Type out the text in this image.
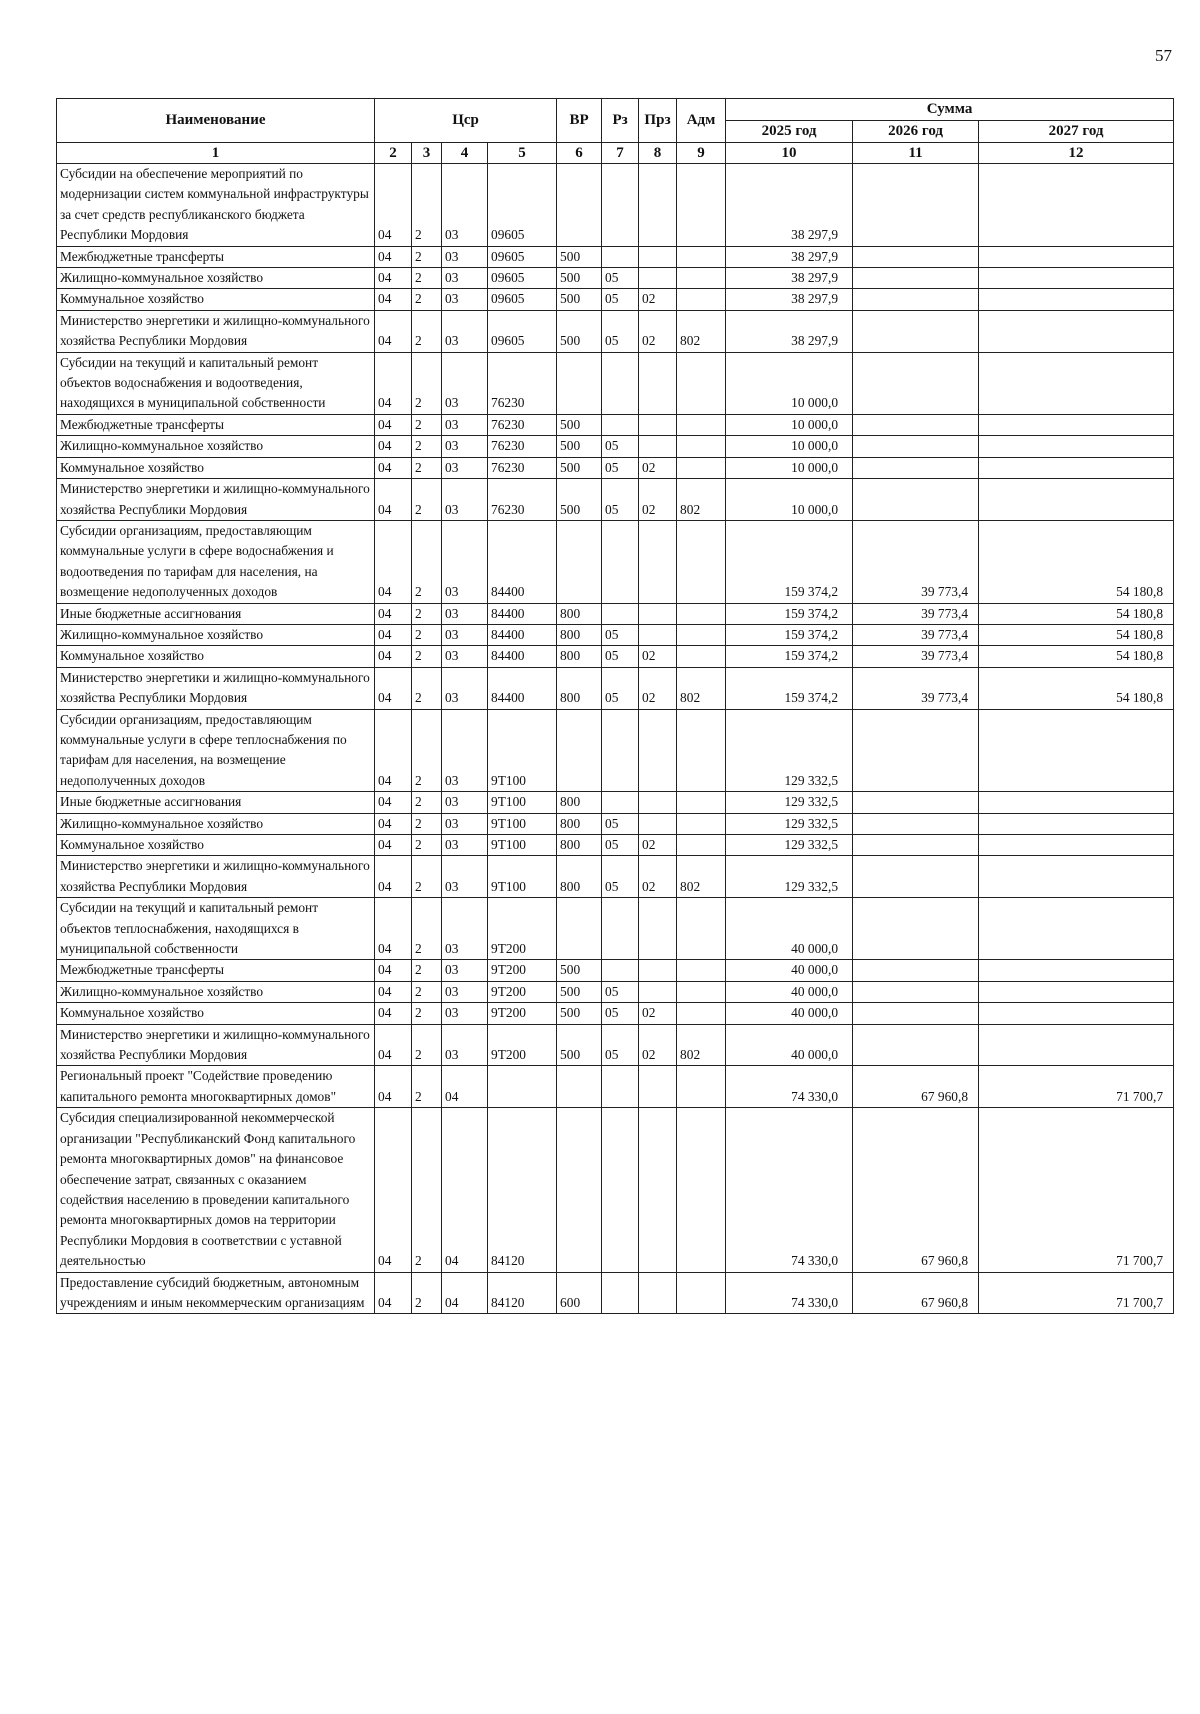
57
Наименование	Цср				ВР	Рз	Прз	Адм	Сумма		
									2025 год	2026 год	2027 год
1	2	3	4	5	6	7	8	9	10	11	12
Субсидии на обеспечение мероприятий по модернизации систем коммунальной инфраструктуры за счет средств республиканского бюджета Республики Мордовия	04	2	03	09605					38 297,9		
Межбюджетные трансферты	04	2	03	09605	500				38 297,9		
Жилищно-коммунальное хозяйство	04	2	03	09605	500	05			38 297,9		
Коммунальное хозяйство	04	2	03	09605	500	05	02		38 297,9		
Министерство энергетики и жилищно-коммунального хозяйства Республики Мордовия	04	2	03	09605	500	05	02	802	38 297,9		
Субсидии на текущий и капитальный ремонт объектов водоснабжения и водоотведения, находящихся в муниципальной собственности	04	2	03	76230					10 000,0		
Межбюджетные трансферты	04	2	03	76230	500				10 000,0		
Жилищно-коммунальное хозяйство	04	2	03	76230	500	05			10 000,0		
Коммунальное хозяйство	04	2	03	76230	500	05	02		10 000,0		
Министерство энергетики и жилищно-коммунального хозяйства Республики Мордовия	04	2	03	76230	500	05	02	802	10 000,0		
Субсидии организациям, предоставляющим коммунальные услуги в сфере водоснабжения и водоотведения по тарифам для населения, на возмещение недополученных доходов	04	2	03	84400					159 374,2	39 773,4	54 180,8
Иные бюджетные ассигнования	04	2	03	84400	800				159 374,2	39 773,4	54 180,8
Жилищно-коммунальное хозяйство	04	2	03	84400	800	05			159 374,2	39 773,4	54 180,8
Коммунальное хозяйство	04	2	03	84400	800	05	02		159 374,2	39 773,4	54 180,8
Министерство энергетики и жилищно-коммунального хозяйства Республики Мордовия	04	2	03	84400	800	05	02	802	159 374,2	39 773,4	54 180,8
Субсидии организациям, предоставляющим коммунальные услуги в сфере теплоснабжения по тарифам для населения, на возмещение недополученных доходов	04	2	03	9Т100					129 332,5		
Иные бюджетные ассигнования	04	2	03	9Т100	800				129 332,5		
Жилищно-коммунальное хозяйство	04	2	03	9Т100	800	05			129 332,5		
Коммунальное хозяйство	04	2	03	9Т100	800	05	02		129 332,5		
Министерство энергетики и жилищно-коммунального хозяйства Республики Мордовия	04	2	03	9Т100	800	05	02	802	129 332,5		
Субсидии на текущий и капитальный ремонт объектов теплоснабжения, находящихся в муниципальной собственности	04	2	03	9Т200					40 000,0		
Межбюджетные трансферты	04	2	03	9Т200	500				40 000,0		
Жилищно-коммунальное хозяйство	04	2	03	9Т200	500	05			40 000,0		
Коммунальное хозяйство	04	2	03	9Т200	500	05	02		40 000,0		
Министерство энергетики и жилищно-коммунального хозяйства Республики Мордовия	04	2	03	9Т200	500	05	02	802	40 000,0		
Региональный проект "Содействие проведению капитального ремонта многоквартирных домов"	04	2	04						74 330,0	67 960,8	71 700,7
Субсидия специализированной некоммерческой организации "Республиканский Фонд капитального ремонта многоквартирных домов" на финансовое обеспечение затрат, связанных с оказанием содействия населению в проведении капитального ремонта многоквартирных домов на территории Республики Мордовия в соответствии с уставной деятельностью	04	2	04	84120					74 330,0	67 960,8	71 700,7
Предоставление субсидий бюджетным, автономным учреждениям и иным некоммерческим организациям	04	2	04	84120	600				74 330,0	67 960,8	71 700,7
